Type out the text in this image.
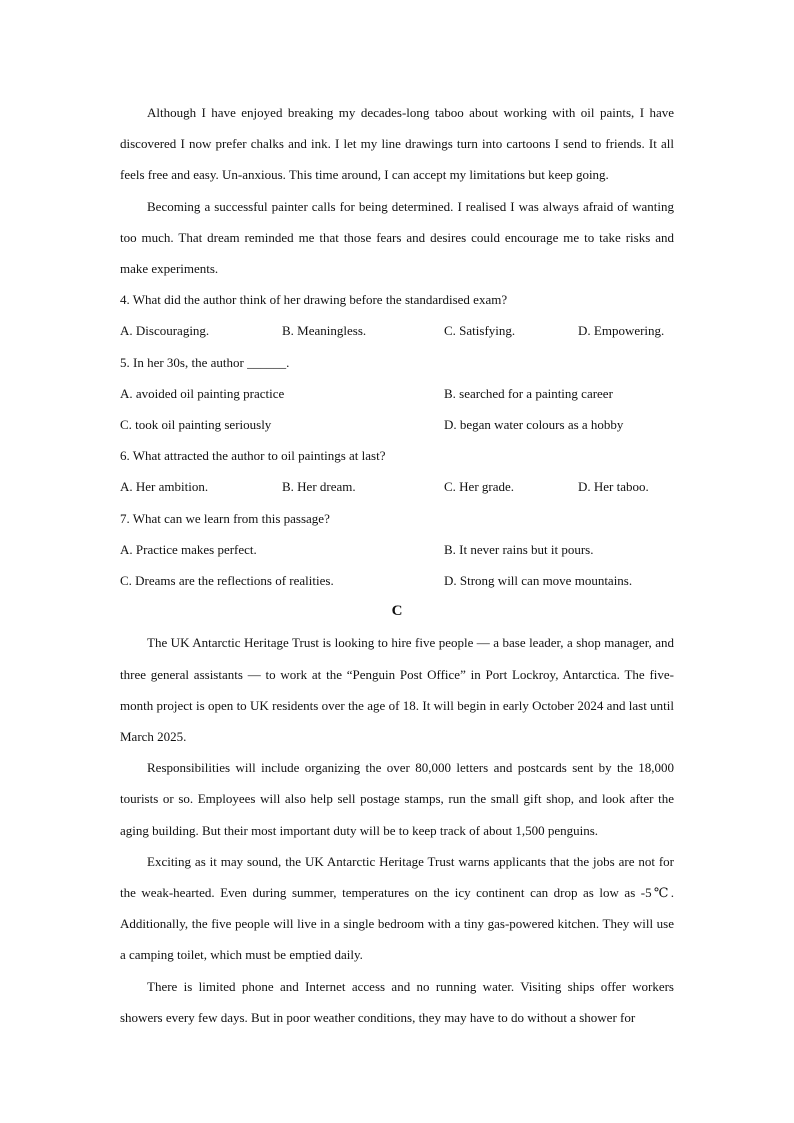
Although I have enjoyed breaking my decades-long taboo about working with oil paints, I have discovered I now prefer chalks and ink. I let my line drawings turn into cartoons I send to friends. It all feels free and easy. Un-anxious. This time around, I can accept my limitations but keep going.

Becoming a successful painter calls for being determined. I realised I was always afraid of wanting too much. That dream reminded me that those fears and desires could encourage me to take risks and make experiments.

4. What did the author think of her drawing before the standardised exam?

A. Discouraging.	B. Meaningless.	C. Satisfying.	D. Empowering.

5. In her 30s, the author ______.

A. avoided oil painting practice	B. searched for a painting career
C. took oil painting seriously	D. began water colours as a hobby

6. What attracted the author to oil paintings at last?

A. Her ambition.	B. Her dream.	C. Her grade.	D. Her taboo.

7. What can we learn from this passage?

A. Practice makes perfect.	B. It never rains but it pours.
C. Dreams are the reflections of realities.	D. Strong will can move mountains.

C

The UK Antarctic Heritage Trust is looking to hire five people — a base leader, a shop manager, and three general assistants — to work at the “Penguin Post Office” in Port Lockroy, Antarctica. The five-month project is open to UK residents over the age of 18. It will begin in early October 2024 and last until March 2025.

Responsibilities will include organizing the over 80,000 letters and postcards sent by the 18,000 tourists or so. Employees will also help sell postage stamps, run the small gift shop, and look after the aging building. But their most important duty will be to keep track of about 1,500 penguins.

Exciting as it may sound, the UK Antarctic Heritage Trust warns applicants that the jobs are not for the weak-hearted. Even during summer, temperatures on the icy continent can drop as low as -5℃. Additionally, the five people will live in a single bedroom with a tiny gas-powered kitchen. They will use a camping toilet, which must be emptied daily.

There is limited phone and Internet access and no running water. Visiting ships offer workers showers every few days. But in poor weather conditions, they may have to do without a shower for
